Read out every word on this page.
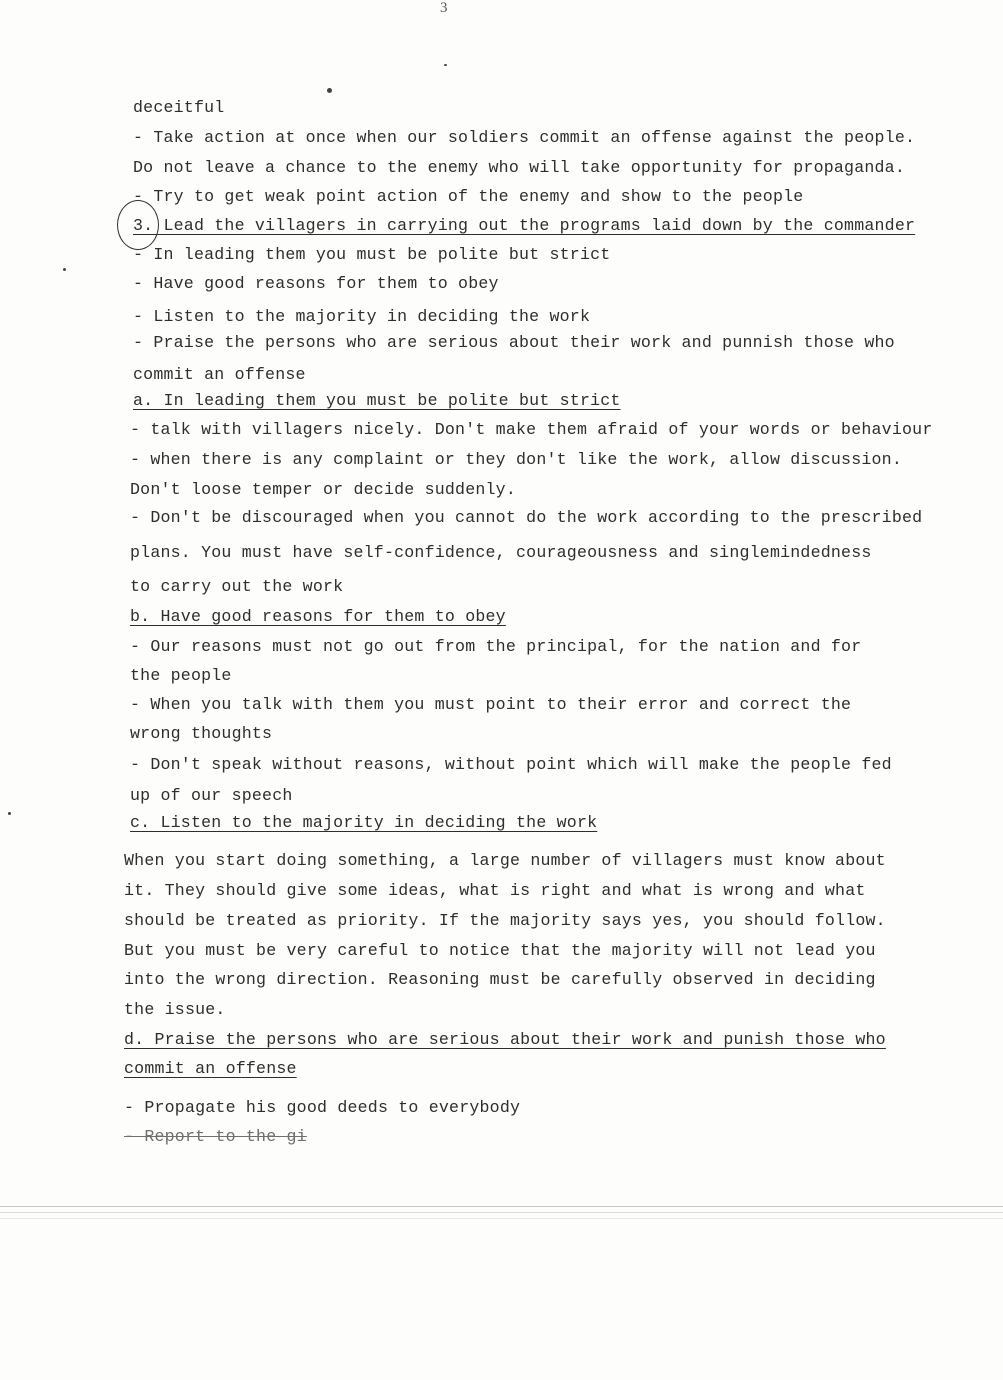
3
deceitful
- Take action at once when our soldiers commit an offense against the people.
Do not leave a chance to the enemy who will take opportunity for propaganda.
- Try to get weak point action of the enemy and show to the people
3. Lead the villagers in carrying out the programs laid down by the commander
- In leading them you must be polite but strict
- Have good reasons for them to obey
- Listen to the majority in deciding the work
- Praise the persons who are serious about their work and punnish those who
commit an offense
a. In leading them you must be polite but strict
- talk with villagers nicely. Don't make them afraid of your words or behaviour
- when there is any complaint or they don't like the work, allow discussion.
Don't loose temper or decide suddenly.
- Don't be discouraged when you cannot do the work according to the prescribed
plans. You must have self-confidence, courageousness and singlemindedness
to carry out the work
b. Have good reasons for them to obey
- Our reasons must not go out from the principal, for the nation and for
the people
- When you talk with them you must point to their error and correct the
wrong thoughts
- Don't speak without reasons, without point which will make the people fed
up of our speech
c. Listen to the majority in deciding the work
When you start doing something, a large number of villagers must know about
it. They should give some ideas, what is right and what is wrong and what
should be treated as priority. If the majority says yes, you should follow.
But you must be very careful to notice that the majority will not lead you
into the wrong direction. Reasoning must be carefully observed in deciding
the issue.
d. Praise the persons who are serious about their work and punish those who
commit an offense
- Propagate his good deeds to everybody
- Report to the gi
